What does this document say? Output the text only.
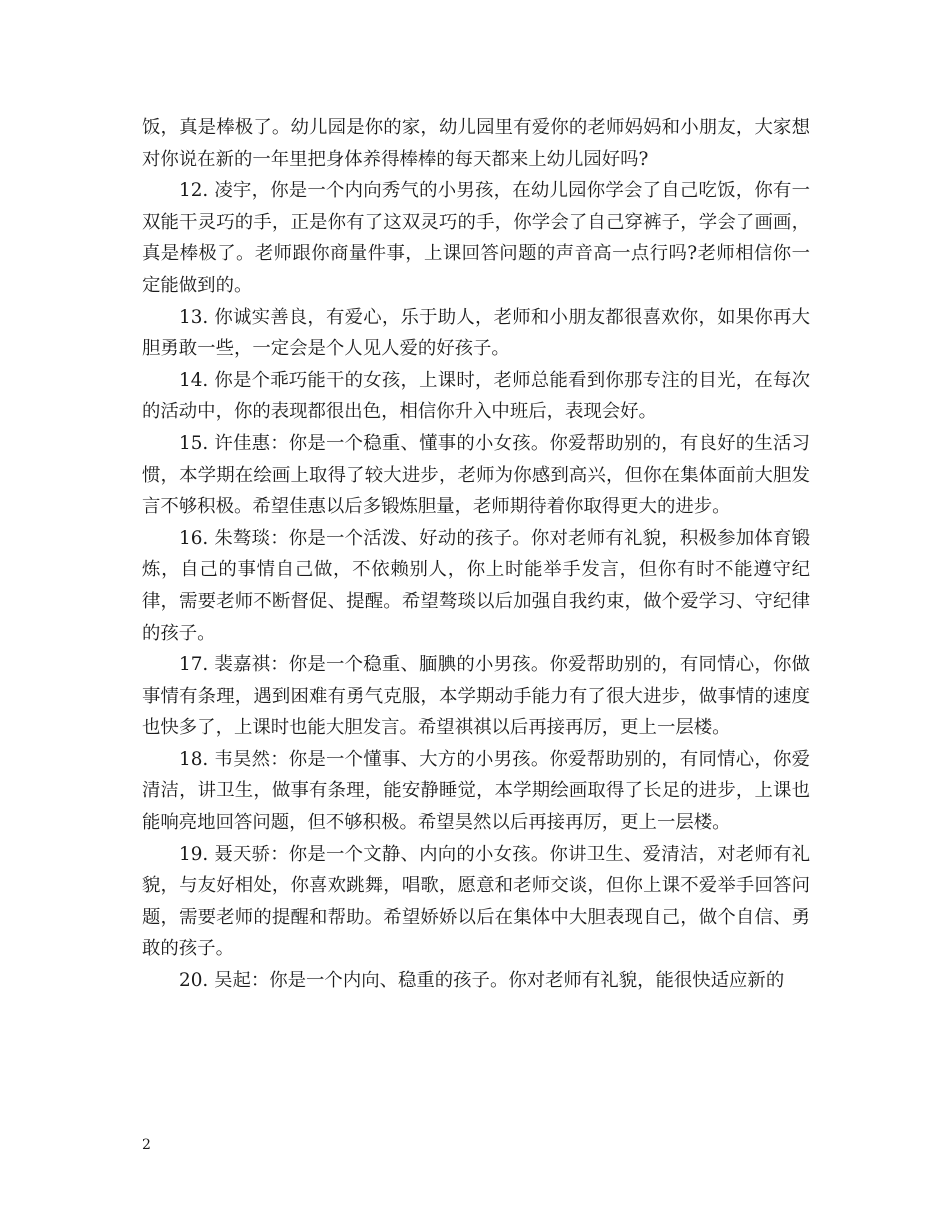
饭，真是棒极了。幼儿园是你的家，幼儿园里有爱你的老师妈妈和小朋友，大家想对你说在新的一年里把身体养得棒棒的每天都来上幼儿园好吗?

12. 凌宇，你是一个内向秀气的小男孩，在幼儿园你学会了自己吃饭，你有一双能干灵巧的手，正是你有了这双灵巧的手，你学会了自己穿裤子，学会了画画，真是棒极了。老师跟你商量件事，上课回答问题的声音高一点行吗?老师相信你一定能做到的。

13. 你诚实善良，有爱心，乐于助人，老师和小朋友都很喜欢你，如果你再大胆勇敢一些，一定会是个人见人爱的好孩子。

14. 你是个乖巧能干的女孩，上课时，老师总能看到你那专注的目光，在每次的活动中，你的表现都很出色，相信你升入中班后，表现会好。

15. 许佳惠：你是一个稳重、懂事的小女孩。你爱帮助别的，有良好的生活习惯，本学期在绘画上取得了较大进步，老师为你感到高兴，但你在集体面前大胆发言不够积极。希望佳惠以后多锻炼胆量，老师期待着你取得更大的进步。

16. 朱骜琰：你是一个活泼、好动的孩子。你对老师有礼貌，积极参加体育锻炼，自己的事情自己做，不依赖别人，你上时能举手发言，但你有时不能遵守纪律，需要老师不断督促、提醒。希望骜琰以后加强自我约束，做个爱学习、守纪律的孩子。

17. 裴嘉祺：你是一个稳重、腼腆的小男孩。你爱帮助别的，有同情心，你做事情有条理，遇到困难有勇气克服，本学期动手能力有了很大进步，做事情的速度也快多了，上课时也能大胆发言。希望祺祺以后再接再厉，更上一层楼。

18. 韦昊然：你是一个懂事、大方的小男孩。你爱帮助别的，有同情心，你爱清洁，讲卫生，做事有条理，能安静睡觉，本学期绘画取得了长足的进步，上课也能响亮地回答问题，但不够积极。希望昊然以后再接再厉，更上一层楼。

19. 聂天骄：你是一个文静、内向的小女孩。你讲卫生、爱清洁，对老师有礼貌，与友好相处，你喜欢跳舞，唱歌，愿意和老师交谈，但你上课不爱举手回答问题，需要老师的提醒和帮助。希望娇娇以后在集体中大胆表现自己，做个自信、勇敢的孩子。

20. 吴起：你是一个内向、稳重的孩子。你对老师有礼貌，能很快适应新的

2
